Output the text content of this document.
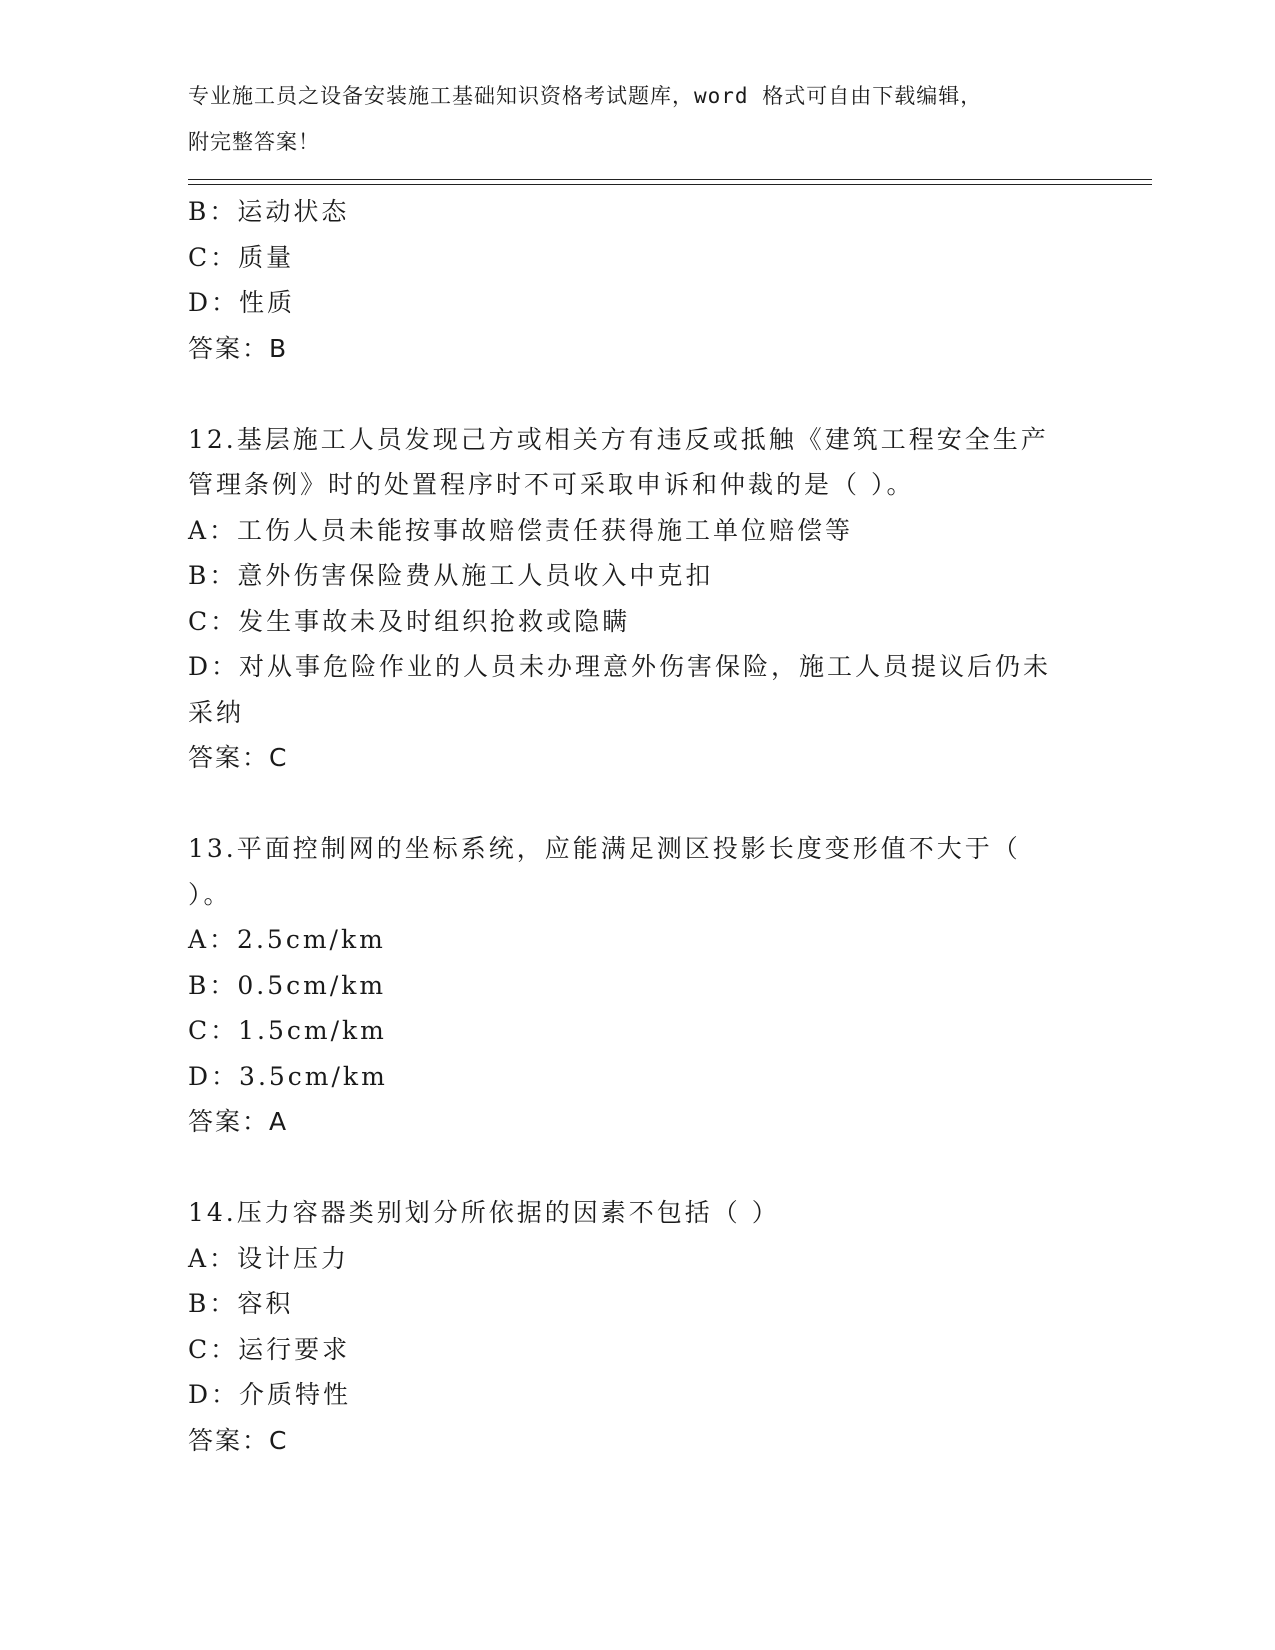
专业施工员之设备安装施工基础知识资格考试题库，word 格式可自由下载编辑，
附完整答案！
B：运动状态
C：质量
D：性质
答案：B
12.基层施工人员发现己方或相关方有违反或抵触《建筑工程安全生产
管理条例》时的处置程序时不可采取申诉和仲裁的是（ ）。
A：工伤人员未能按事故赔偿责任获得施工单位赔偿等
B：意外伤害保险费从施工人员收入中克扣
C：发生事故未及时组织抢救或隐瞒
D：对从事危险作业的人员未办理意外伤害保险，施工人员提议后仍未
采纳
答案：C
13.平面控制网的坐标系统，应能满足测区投影长度变形值不大于（
）。
A：2.5cm/km
B：0.5cm/km
C：1.5cm/km
D：3.5cm/km
答案：A
14.压力容器类别划分所依据的因素不包括（ ）
A：设计压力
B：容积
C：运行要求
D：介质特性
答案：C
